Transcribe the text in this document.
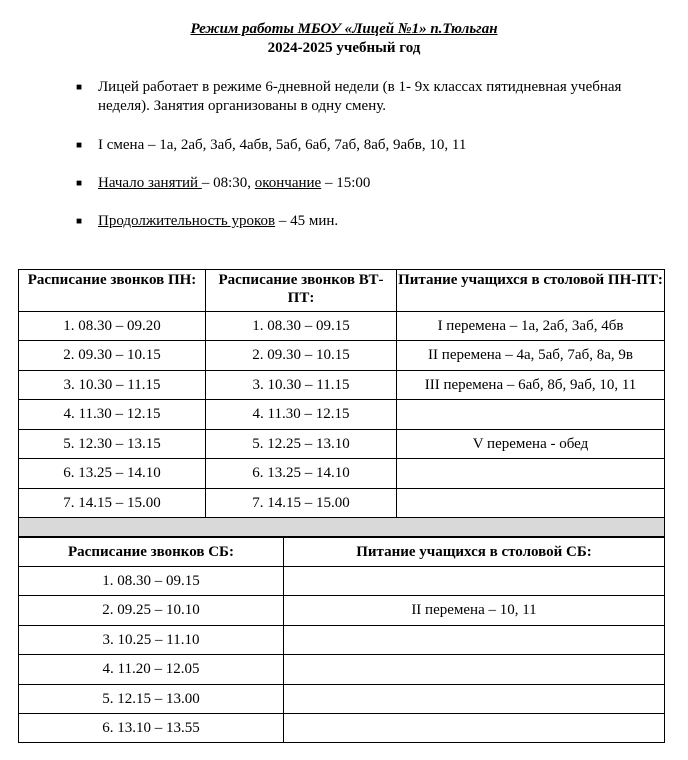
Режим работы МБОУ «Лицей №1» п.Тюльган
2024-2025 учебный год
■ Лицей работает в режиме 6-дневной недели (в 1- 9х классах пятидневная учебная неделя). Занятия организованы в одну смену.
■ I смена – 1а, 2аб, 3аб, 4абв, 5аб, 6аб, 7аб, 8аб, 9абв, 10, 11
■ Начало занятий – 08:30, окончание – 15:00
■ Продолжительность уроков – 45 мин.
Расписание звонков ПН:	Расписание звонков ВТ-ПТ:	Питание учащихся в столовой ПН-ПТ:
1. 08.30 – 09.20	1. 08.30 – 09.15	I перемена – 1а, 2аб, 3аб, 4бв
2. 09.30 – 10.15	2. 09.30 – 10.15	II перемена – 4а, 5аб, 7аб, 8а, 9в
3. 10.30 – 11.15	3. 10.30 – 11.15	III перемена – 6аб, 8б, 9аб, 10, 11
4. 11.30 – 12.15	4. 11.30 – 12.15	
5. 12.30 – 13.15	5. 12.25 – 13.10	V перемена - обед
6. 13.25 – 14.10	6. 13.25 – 14.10	
7. 14.15 – 15.00	7. 14.15 – 15.00	

Расписание звонков СБ:	Питание учащихся в столовой СБ:
1. 08.30 – 09.15	
2. 09.25 – 10.10	II перемена – 10, 11
3. 10.25 – 11.10	
4. 11.20 – 12.05	
5. 12.15 – 13.00	
6. 13.10 – 13.55	
